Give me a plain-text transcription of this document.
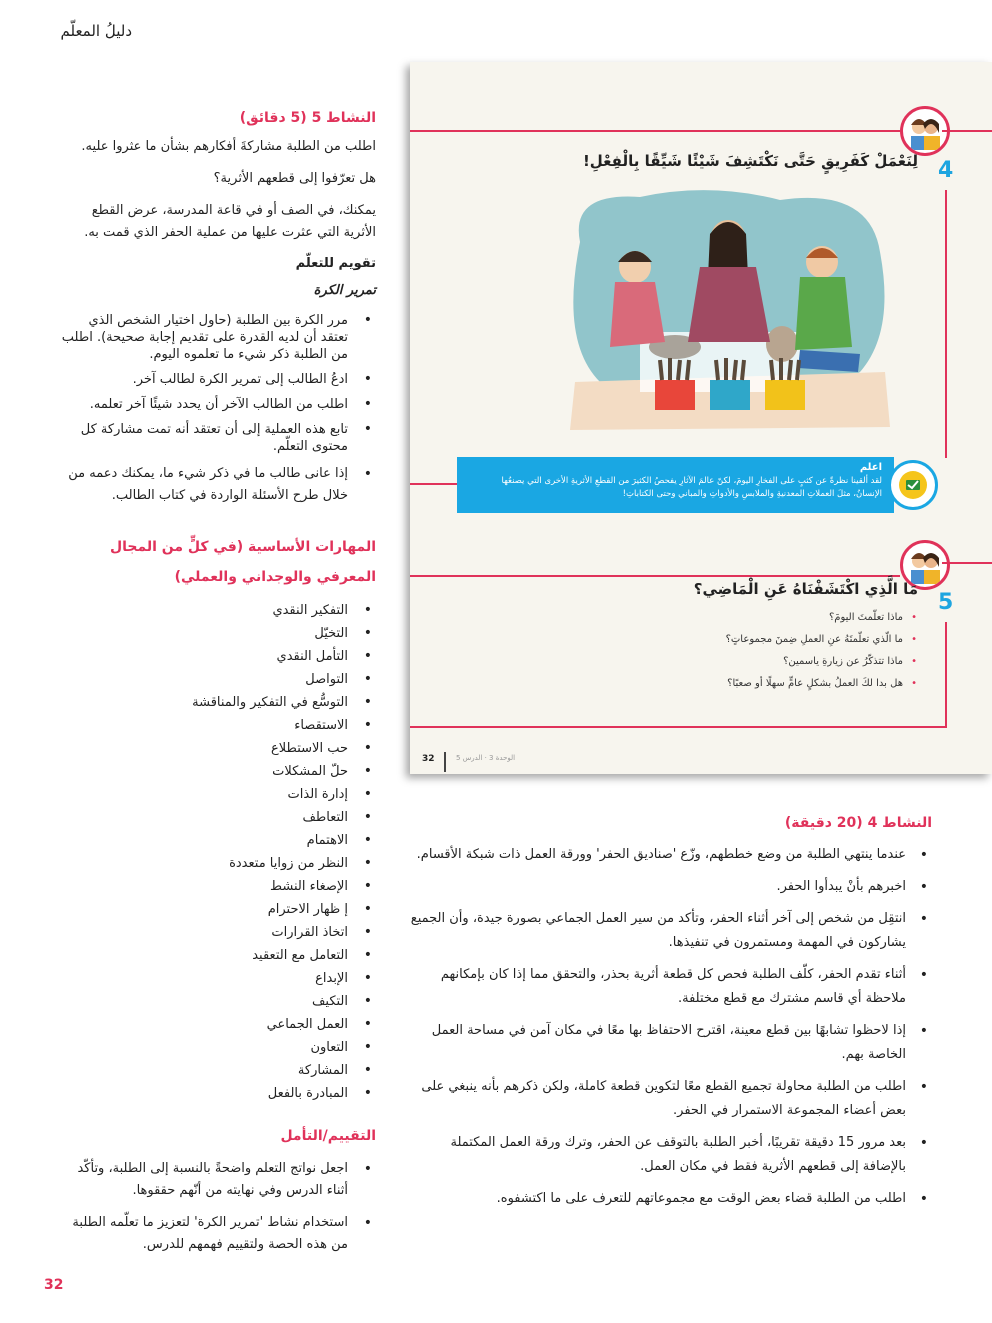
دليلُ المعلّم
4
لِنَعْمَلْ كَفَرِيقٍ حَتَّى نَكْتَشِفَ شَيْئًا شَيِّقًا بِالْفِعْلِ!
اعلم
لقد ألقينا نظرةً عن كثبٍ على الفخارِ اليومَ، لكنّ عالمَ الآثارِ يفحصُ الكثيرَ من القطعِ الأثريةِ الأخرى التي يصنعُها الإنسانُ، مثلَ العملاتِ المعدنيةِ والملابسِ والأدواتِ والمباني وحتى الكتاباتِ!
5
مَا الَّذِي اكْتَشَفْنَاهُ عَنِ الْمَاضِي؟
• ماذا تعلّمتَ اليومَ؟
• ما الّذي تعلّمتَهُ عنِ العملِ ضِمنَ مجموعاتٍ؟
• ماذا تتذكّرُ عن زيارةِ ياسمين؟
• هل بدا لكَ العملُ بشكلٍ عامٍّ سهلًا أو صعبًا؟
32	الوحدة 3 · الدرس 5
النشاط 5 (5 دقائق)

اطلب من الطلبة مشاركةَ أفكارهم بشأن ما عثروا عليه.

هل تعرّفوا إلى قطعهم الأثرية؟

يمكنك، في الصف أو في قاعة المدرسة، عرض القطع الأثرية التي عثرت عليها من عملية الحفر الذي قمت به.

تقويم للتعلّم
تمرير الكرة
• مرر الكرة بين الطلبة (حاول اختيار الشخص الذي تعتقد أن لديه القدرة على تقديم إجابة صحيحة). اطلب من الطلبة ذكر شيء ما تعلموه اليوم.
• ادعُ الطالب إلى تمرير الكرة لطالب آخر.
• اطلب من الطالب الآخر أن يحدد شيئًا آخر تعلمه.
• تابع هذه العملية إلى أن تعتقد أنه تمت مشاركة كل محتوى التعلّم.
• إذا عانى طالب ما في ذكر شيء ما، يمكنك دعمه من خلال طرح الأسئلة الواردة في كتاب الطالب.
المهارات الأساسية (في كلٍّ من المجال المعرفي والوجداني والعملي)
• التفكير النقدي
• التخيّل
• التأمل النقدي
• التواصل
• التوسُّع في التفكير والمناقشة
• الاستقصاء
• حب الاستطلاع
• حلّ المشكلات
• إدارة الذات
• التعاطف
• الاهتمام
• النظر من زوايا متعددة
• الإصغاء النشط
• إ ظهار الاحترام
• اتخاذ القرارات
• التعامل مع التعقيد
• الإبداع
• التكيف
• العمل الجماعي
• التعاون
• المشاركة
• المبادرة بالفعل
التقييم/التأمل
• اجعل نواتج التعلم واضحةً بالنسبة إلى الطلبة، وتأكّد أثناء الدرس وفي نهايته من أنّهم حققوها.
• استخدام نشاط 'تمرير الكرة' لتعزيز ما تعلّمه الطلبة من هذه الحصة ولتقييم فهمهم للدرس.
النشاط 4 (20 دقيقة)
• عندما ينتهي الطلبة من وضع خططهم، وزّع 'صناديق الحفر' وورقة العمل ذات شبكة الأقسام.
• اخبرهم بأنْ يبدأوا الحفر.
• انتقِل من شخص إلى آخر أثناء الحفر، وتأكد من سير العمل الجماعي بصورة جيدة، وأن الجميع يشاركون في المهمة ومستمرون في تنفيذها.
• أثناء تقدم الحفر، كلّف الطلبة فحص كل قطعة أثرية بحذر، والتحقق مما إذا كان بإمكانهم ملاحظة أي قاسم مشترك مع قطع مختلفة.
• إذا لاحظوا تشابهًا بين قطع معينة، اقترح الاحتفاظ بها معًا في مكان آمن في مساحة العمل الخاصة بهم.
• اطلب من الطلبة محاولة تجميع القطع معًا لتكوين قطعة كاملة، ولكن ذكرهم بأنه ينبغي على بعض أعضاء المجموعة الاستمرار في الحفر.
• بعد مرور 15 دقيقة تقريبًا، أخبر الطلبة بالتوقف عن الحفر، وترك ورقة العمل المكتملة بالإضافة إلى قطعهم الأثرية فقط في مكان العمل.
• اطلب من الطلبة قضاء بعض الوقت مع مجموعاتهم للتعرف على ما اكتشفوه.
32
